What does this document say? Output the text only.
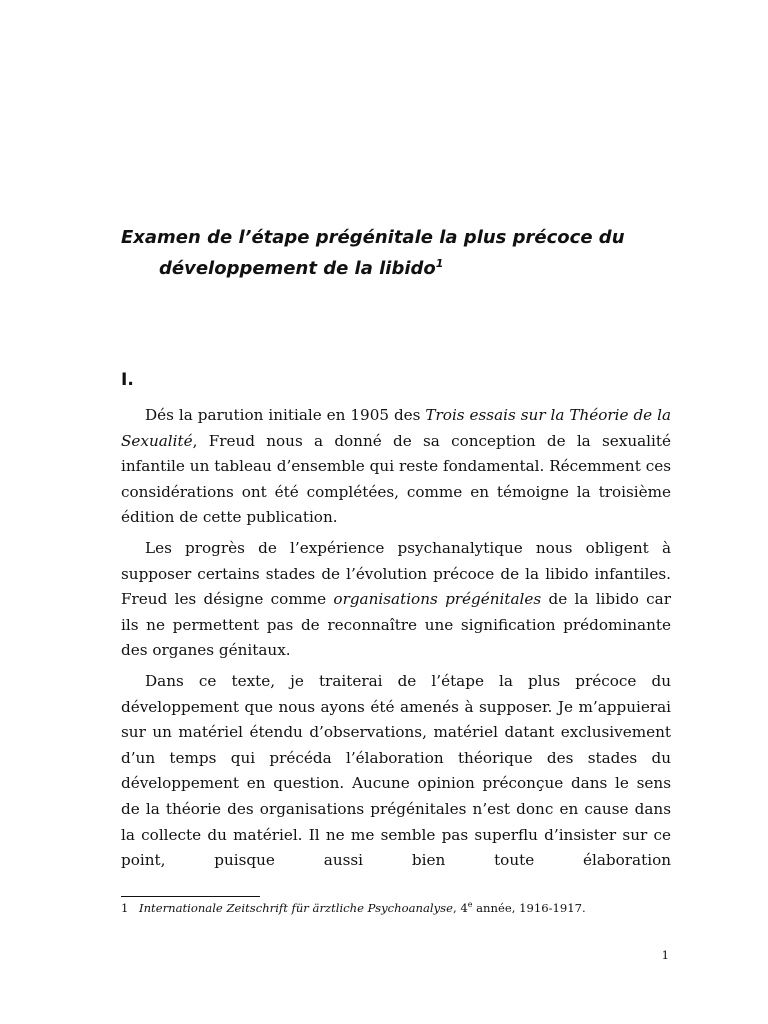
Examen de l’étape prégénitale la plus précoce du
développement de la libido$^1$
I.

Dés la parution initiale en 1905 des Trois essais sur la Théorie de la Sexualité, Freud nous a donné de sa conception de la sexualité infantile un tableau d’ensemble qui reste fondamental. Récemment ces considérations ont été complétées, comme en témoigne la troisième édition de cette publication.

Les progrès de l’expérience psychanalytique nous obligent à supposer certains stades de l’évolution précoce de la libido infantiles. Freud les désigne comme organisations prégénitales de la libido car ils ne permettent pas de reconnaître une signification prédominante des organes génitaux.

Dans ce texte, je traiterai de l’étape la plus précoce du développement que nous ayons été amenés à supposer. Je m’appuierai sur un matériel étendu d’observations, matériel datant exclusivement d’un temps qui précéda l’élaboration théorique des stades du développement en question. Aucune opinion préconçue dans le sens de la théorie des organisations prégénitales n’est donc en cause dans la collecte du matériel. Il ne me semble pas superflu d’insister sur ce point, puisque aussi bien toute élaboration

1 Internationale Zeitschrift für ärztliche Psychoanalyse, 4e année, 1916-1917.
1
